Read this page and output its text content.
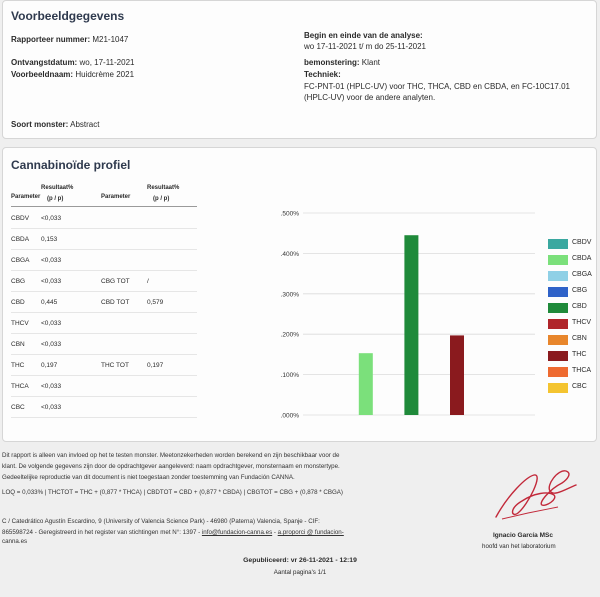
Voorbeeldgegevens
Rapporteer nummer: M21-1047
Ontvangstdatum: wo, 17-11-2021
Voorbeeldnaam: Huidcrème 2021
Soort monster: Abstract
Begin en einde van de analyse:
wo 17-11-2021 t/ m do 25-11-2021
bemonstering: Klant
Techniek:
FC-PNT-01 (HPLC-UV) voor THC, THCA, CBD en CBDA, en FC-10C17.01 (HPLC-UV) voor de andere analyten.
Cannabinoïde profiel
Parameter
Resultaat%
(p / p)	Parameter
Resultaat%
(p / p)
CBDV <0,033
CBDA 0,153
CBGA <0,033
CBG <0,033	CBG TOT	/
CBD	0,445	CBD TOT	0,579
THCV <0,033
CBN	<0,033
THC	0,197	THC TOT	0,197
THCA <0,033
CBC	<0,033
.000%
.100%
.200%
.300%
.400%
.500%
CBDV
CBDA
CBGA
CBG
CBD
THCV
CBN
THC
THCA
CBC
Dit rapport is alleen van invloed op het te testen monster. Meetonzekerheden worden berekend en zijn beschikbaar voor de
klant. De volgende gegevens zijn door de opdrachtgever aangeleverd: naam opdrachtgever, monsternaam en monstertype.
Gedeeltelijke reproductie van dit document is niet toegestaan zonder toestemming van Fundación CANNA.
LOQ = 0,033% | THCTOT = THC + (0,877 * THCA) | CBDTOT = CBD + (0,877 * CBDA) | CBGTOT = CBG + (0,878 * CBGA)
C / Catedrático Agustín Escardino, 9 (University of Valencia Science Park) - 46980 (Paterna) Valencia, Spanje - CIF:
865598724 - Geregistreerd in het register van stichtingen met N°: 1397 - info@fundacion-canna.es - a.proporci @ fundacion-
canna.es
Ignacio García MSc
hoofd van het laboratorium
Gepubliceerd: vr 26-11-2021 - 12:19
Aantal pagina's 1/1
